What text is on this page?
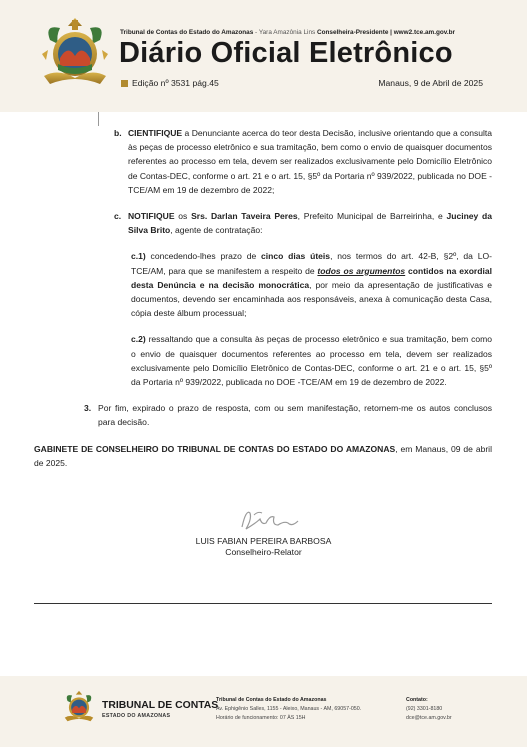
Tribunal de Contas do Estado do Amazonas - Yara Amazônia Lins Conselheira-Presidente | www2.tce.am.gov.br
Diário Oficial Eletrônico
Edição nº 3531 pág.45	Manaus, 9 de Abril de 2025
b. CIENTIFIQUE a Denunciante acerca do teor desta Decisão, inclusive orientando que a consulta às peças de processo eletrônico e sua tramitação, bem como o envio de quaisquer documentos referentes ao processo em tela, devem ser realizados exclusivamente pelo Domicílio Eletrônico de Contas-DEC, conforme o art. 21 e o art. 15, §5º da Portaria nº 939/2022, publicada no DOE - TCE/AM em 19 de dezembro de 2022;
c. NOTIFIQUE os Srs. Darlan Taveira Peres, Prefeito Municipal de Barreirinha, e Juciney da Silva Brito, agente de contratação:
c.1) concedendo-lhes prazo de cinco dias úteis, nos termos do art. 42-B, §2º, da LO-TCE/AM, para que se manifestem a respeito de todos os argumentos contidos na exordial desta Denúncia e na decisão monocrática, por meio da apresentação de justificativas e documentos, devendo ser encaminhada aos responsáveis, anexa à comunicação desta Casa, cópia deste álbum processual;
c.2) ressaltando que a consulta às peças de processo eletrônico e sua tramitação, bem como o envio de quaisquer documentos referentes ao processo em tela, devem ser realizados exclusivamente pelo Domicílio Eletrônico de Contas-DEC, conforme o art. 21 e o art. 15, §5º da Portaria nº 939/2022, publicada no DOE -TCE/AM em 19 de dezembro de 2022.
3. Por fim, expirado o prazo de resposta, com ou sem manifestação, retornem-me os autos conclusos para decisão.
GABINETE DE CONSELHEIRO DO TRIBUNAL DE CONTAS DO ESTADO DO AMAZONAS, em Manaus, 09 de abril de 2025.
LUIS FABIAN PEREIRA BARBOSA
Conselheiro-Relator
TRIBUNAL DE CONTAS
ESTADO DO AMAZONAS
Tribunal de Contas do Estado do Amazonas
Av. Ephigênio Salles, 1155 - Aleixo, Manaus - AM, 69057-050.
Horário de funcionamento: 07 ÀS 15H
Contato:
(92) 3301-8180
dce@tce.am.gov.br
